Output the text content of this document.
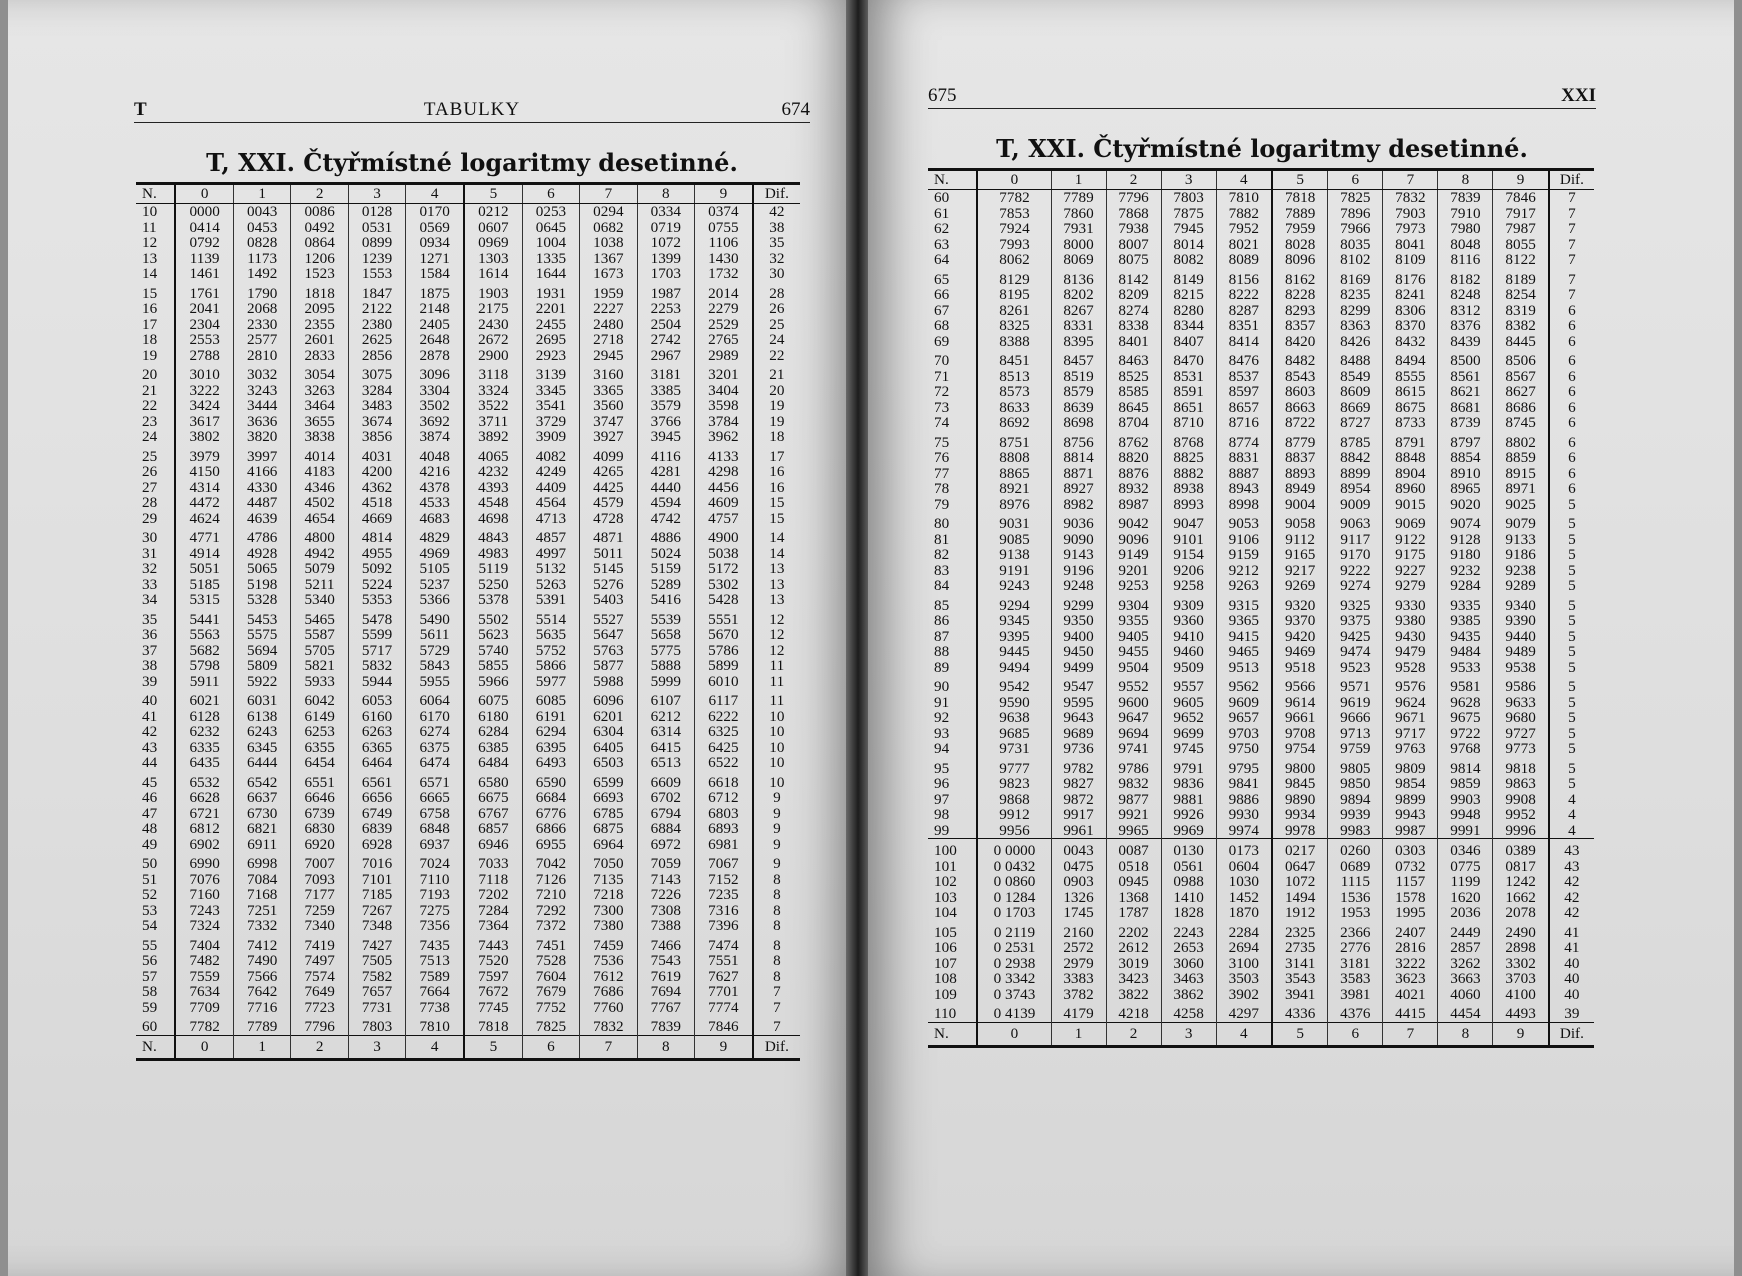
T	TABULKY	674
T, XXI. Čtyřmístné logaritmy desetinné.
N.	0	1	2	3	4	5	6	7	8	9	Dif.
10	0000	0043	0086	0128	0170	0212	0253	0294	0334	0374	42
11	0414	0453	0492	0531	0569	0607	0645	0682	0719	0755	38
12	0792	0828	0864	0899	0934	0969	1004	1038	1072	1106	35
13	1139	1173	1206	1239	1271	1303	1335	1367	1399	1430	32
14	1461	1492	1523	1553	1584	1614	1644	1673	1703	1732	30
15	1761	1790	1818	1847	1875	1903	1931	1959	1987	2014	28
16	2041	2068	2095	2122	2148	2175	2201	2227	2253	2279	26
17	2304	2330	2355	2380	2405	2430	2455	2480	2504	2529	25
18	2553	2577	2601	2625	2648	2672	2695	2718	2742	2765	24
19	2788	2810	2833	2856	2878	2900	2923	2945	2967	2989	22
20	3010	3032	3054	3075	3096	3118	3139	3160	3181	3201	21
21	3222	3243	3263	3284	3304	3324	3345	3365	3385	3404	20
22	3424	3444	3464	3483	3502	3522	3541	3560	3579	3598	19
23	3617	3636	3655	3674	3692	3711	3729	3747	3766	3784	19
24	3802	3820	3838	3856	3874	3892	3909	3927	3945	3962	18
25	3979	3997	4014	4031	4048	4065	4082	4099	4116	4133	17
26	4150	4166	4183	4200	4216	4232	4249	4265	4281	4298	16
27	4314	4330	4346	4362	4378	4393	4409	4425	4440	4456	16
28	4472	4487	4502	4518	4533	4548	4564	4579	4594	4609	15
29	4624	4639	4654	4669	4683	4698	4713	4728	4742	4757	15
30	4771	4786	4800	4814	4829	4843	4857	4871	4886	4900	14
31	4914	4928	4942	4955	4969	4983	4997	5011	5024	5038	14
32	5051	5065	5079	5092	5105	5119	5132	5145	5159	5172	13
33	5185	5198	5211	5224	5237	5250	5263	5276	5289	5302	13
34	5315	5328	5340	5353	5366	5378	5391	5403	5416	5428	13
35	5441	5453	5465	5478	5490	5502	5514	5527	5539	5551	12
36	5563	5575	5587	5599	5611	5623	5635	5647	5658	5670	12
37	5682	5694	5705	5717	5729	5740	5752	5763	5775	5786	12
38	5798	5809	5821	5832	5843	5855	5866	5877	5888	5899	11
39	5911	5922	5933	5944	5955	5966	5977	5988	5999	6010	11
40	6021	6031	6042	6053	6064	6075	6085	6096	6107	6117	11
41	6128	6138	6149	6160	6170	6180	6191	6201	6212	6222	10
42	6232	6243	6253	6263	6274	6284	6294	6304	6314	6325	10
43	6335	6345	6355	6365	6375	6385	6395	6405	6415	6425	10
44	6435	6444	6454	6464	6474	6484	6493	6503	6513	6522	10
45	6532	6542	6551	6561	6571	6580	6590	6599	6609	6618	10
46	6628	6637	6646	6656	6665	6675	6684	6693	6702	6712	9
47	6721	6730	6739	6749	6758	6767	6776	6785	6794	6803	9
48	6812	6821	6830	6839	6848	6857	6866	6875	6884	6893	9
49	6902	6911	6920	6928	6937	6946	6955	6964	6972	6981	9
50	6990	6998	7007	7016	7024	7033	7042	7050	7059	7067	9
51	7076	7084	7093	7101	7110	7118	7126	7135	7143	7152	8
52	7160	7168	7177	7185	7193	7202	7210	7218	7226	7235	8
53	7243	7251	7259	7267	7275	7284	7292	7300	7308	7316	8
54	7324	7332	7340	7348	7356	7364	7372	7380	7388	7396	8
55	7404	7412	7419	7427	7435	7443	7451	7459	7466	7474	8
56	7482	7490	7497	7505	7513	7520	7528	7536	7543	7551	8
57	7559	7566	7574	7582	7589	7597	7604	7612	7619	7627	8
58	7634	7642	7649	7657	7664	7672	7679	7686	7694	7701	7
59	7709	7716	7723	7731	7738	7745	7752	7760	7767	7774	7
60	7782	7789	7796	7803	7810	7818	7825	7832	7839	7846	7
N.	0	1	2	3	4	5	6	7	8	9	Dif.
675	XXI
T, XXI. Čtyřmístné logaritmy desetinné.
N.	0	1	2	3	4	5	6	7	8	9	Dif.
60	7782	7789	7796	7803	7810	7818	7825	7832	7839	7846	7
61	7853	7860	7868	7875	7882	7889	7896	7903	7910	7917	7
62	7924	7931	7938	7945	7952	7959	7966	7973	7980	7987	7
63	7993	8000	8007	8014	8021	8028	8035	8041	8048	8055	7
64	8062	8069	8075	8082	8089	8096	8102	8109	8116	8122	7
65	8129	8136	8142	8149	8156	8162	8169	8176	8182	8189	7
66	8195	8202	8209	8215	8222	8228	8235	8241	8248	8254	7
67	8261	8267	8274	8280	8287	8293	8299	8306	8312	8319	6
68	8325	8331	8338	8344	8351	8357	8363	8370	8376	8382	6
69	8388	8395	8401	8407	8414	8420	8426	8432	8439	8445	6
70	8451	8457	8463	8470	8476	8482	8488	8494	8500	8506	6
71	8513	8519	8525	8531	8537	8543	8549	8555	8561	8567	6
72	8573	8579	8585	8591	8597	8603	8609	8615	8621	8627	6
73	8633	8639	8645	8651	8657	8663	8669	8675	8681	8686	6
74	8692	8698	8704	8710	8716	8722	8727	8733	8739	8745	6
75	8751	8756	8762	8768	8774	8779	8785	8791	8797	8802	6
76	8808	8814	8820	8825	8831	8837	8842	8848	8854	8859	6
77	8865	8871	8876	8882	8887	8893	8899	8904	8910	8915	6
78	8921	8927	8932	8938	8943	8949	8954	8960	8965	8971	6
79	8976	8982	8987	8993	8998	9004	9009	9015	9020	9025	5
80	9031	9036	9042	9047	9053	9058	9063	9069	9074	9079	5
81	9085	9090	9096	9101	9106	9112	9117	9122	9128	9133	5
82	9138	9143	9149	9154	9159	9165	9170	9175	9180	9186	5
83	9191	9196	9201	9206	9212	9217	9222	9227	9232	9238	5
84	9243	9248	9253	9258	9263	9269	9274	9279	9284	9289	5
85	9294	9299	9304	9309	9315	9320	9325	9330	9335	9340	5
86	9345	9350	9355	9360	9365	9370	9375	9380	9385	9390	5
87	9395	9400	9405	9410	9415	9420	9425	9430	9435	9440	5
88	9445	9450	9455	9460	9465	9469	9474	9479	9484	9489	5
89	9494	9499	9504	9509	9513	9518	9523	9528	9533	9538	5
90	9542	9547	9552	9557	9562	9566	9571	9576	9581	9586	5
91	9590	9595	9600	9605	9609	9614	9619	9624	9628	9633	5
92	9638	9643	9647	9652	9657	9661	9666	9671	9675	9680	5
93	9685	9689	9694	9699	9703	9708	9713	9717	9722	9727	5
94	9731	9736	9741	9745	9750	9754	9759	9763	9768	9773	5
95	9777	9782	9786	9791	9795	9800	9805	9809	9814	9818	5
96	9823	9827	9832	9836	9841	9845	9850	9854	9859	9863	5
97	9868	9872	9877	9881	9886	9890	9894	9899	9903	9908	4
98	9912	9917	9921	9926	9930	9934	9939	9943	9948	9952	4
99	9956	9961	9965	9969	9974	9978	9983	9987	9991	9996	4
100	0 0000	0043	0087	0130	0173	0217	0260	0303	0346	0389	43
101	0 0432	0475	0518	0561	0604	0647	0689	0732	0775	0817	43
102	0 0860	0903	0945	0988	1030	1072	1115	1157	1199	1242	42
103	0 1284	1326	1368	1410	1452	1494	1536	1578	1620	1662	42
104	0 1703	1745	1787	1828	1870	1912	1953	1995	2036	2078	42
105	0 2119	2160	2202	2243	2284	2325	2366	2407	2449	2490	41
106	0 2531	2572	2612	2653	2694	2735	2776	2816	2857	2898	41
107	0 2938	2979	3019	3060	3100	3141	3181	3222	3262	3302	40
108	0 3342	3383	3423	3463	3503	3543	3583	3623	3663	3703	40
109	0 3743	3782	3822	3862	3902	3941	3981	4021	4060	4100	40
110	0 4139	4179	4218	4258	4297	4336	4376	4415	4454	4493	39
N.	0	1	2	3	4	5	6	7	8	9	Dif.
